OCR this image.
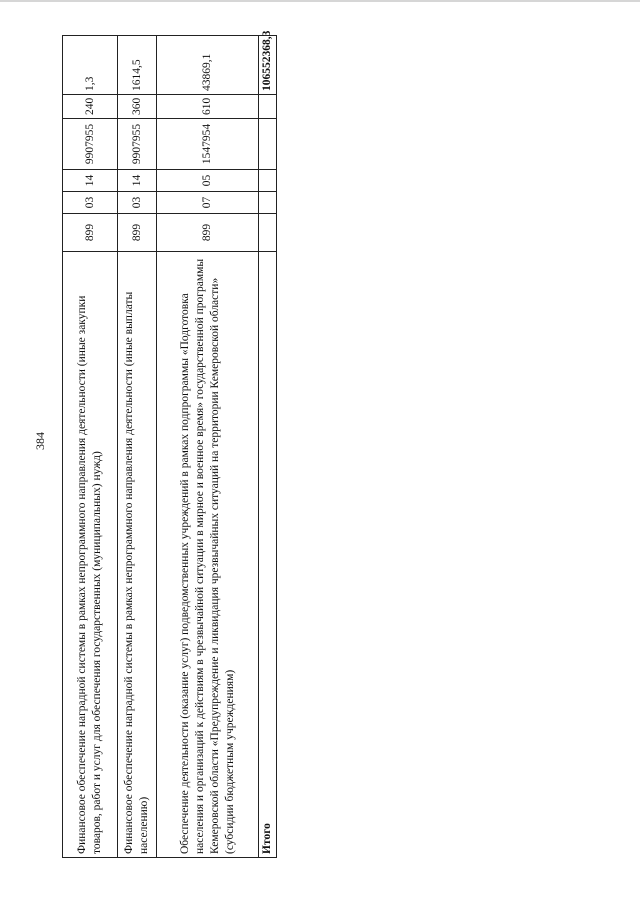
384	Финансовое обеспечение наградной системы в рамках непрограммного направления деятельности (иные закупки товаров, работ и услуг для обеспечения государственных (муниципальных) нужд)	899	03	14	9907955	240	1,3
Финансовое обеспечение наградной системы в рамках непрограммного направления деятельности (иные выплаты населению)	899	03	14	9907955	360	1614,5
Обеспечение деятельности (оказание услуг) подведомственных учреждений в рамках подпрограммы «Подготовка населения и организаций к действиям в чрезвычайной ситуации в мирное и военное время» государственной программы Кемеровской области «Предупреждение и ликвидация чрезвычайных ситуаций на территории Кемеровской области» (субсидии бюджетным учреждениям)	899	07	05	1547954	610	43869,1
Итого						106552368,3
